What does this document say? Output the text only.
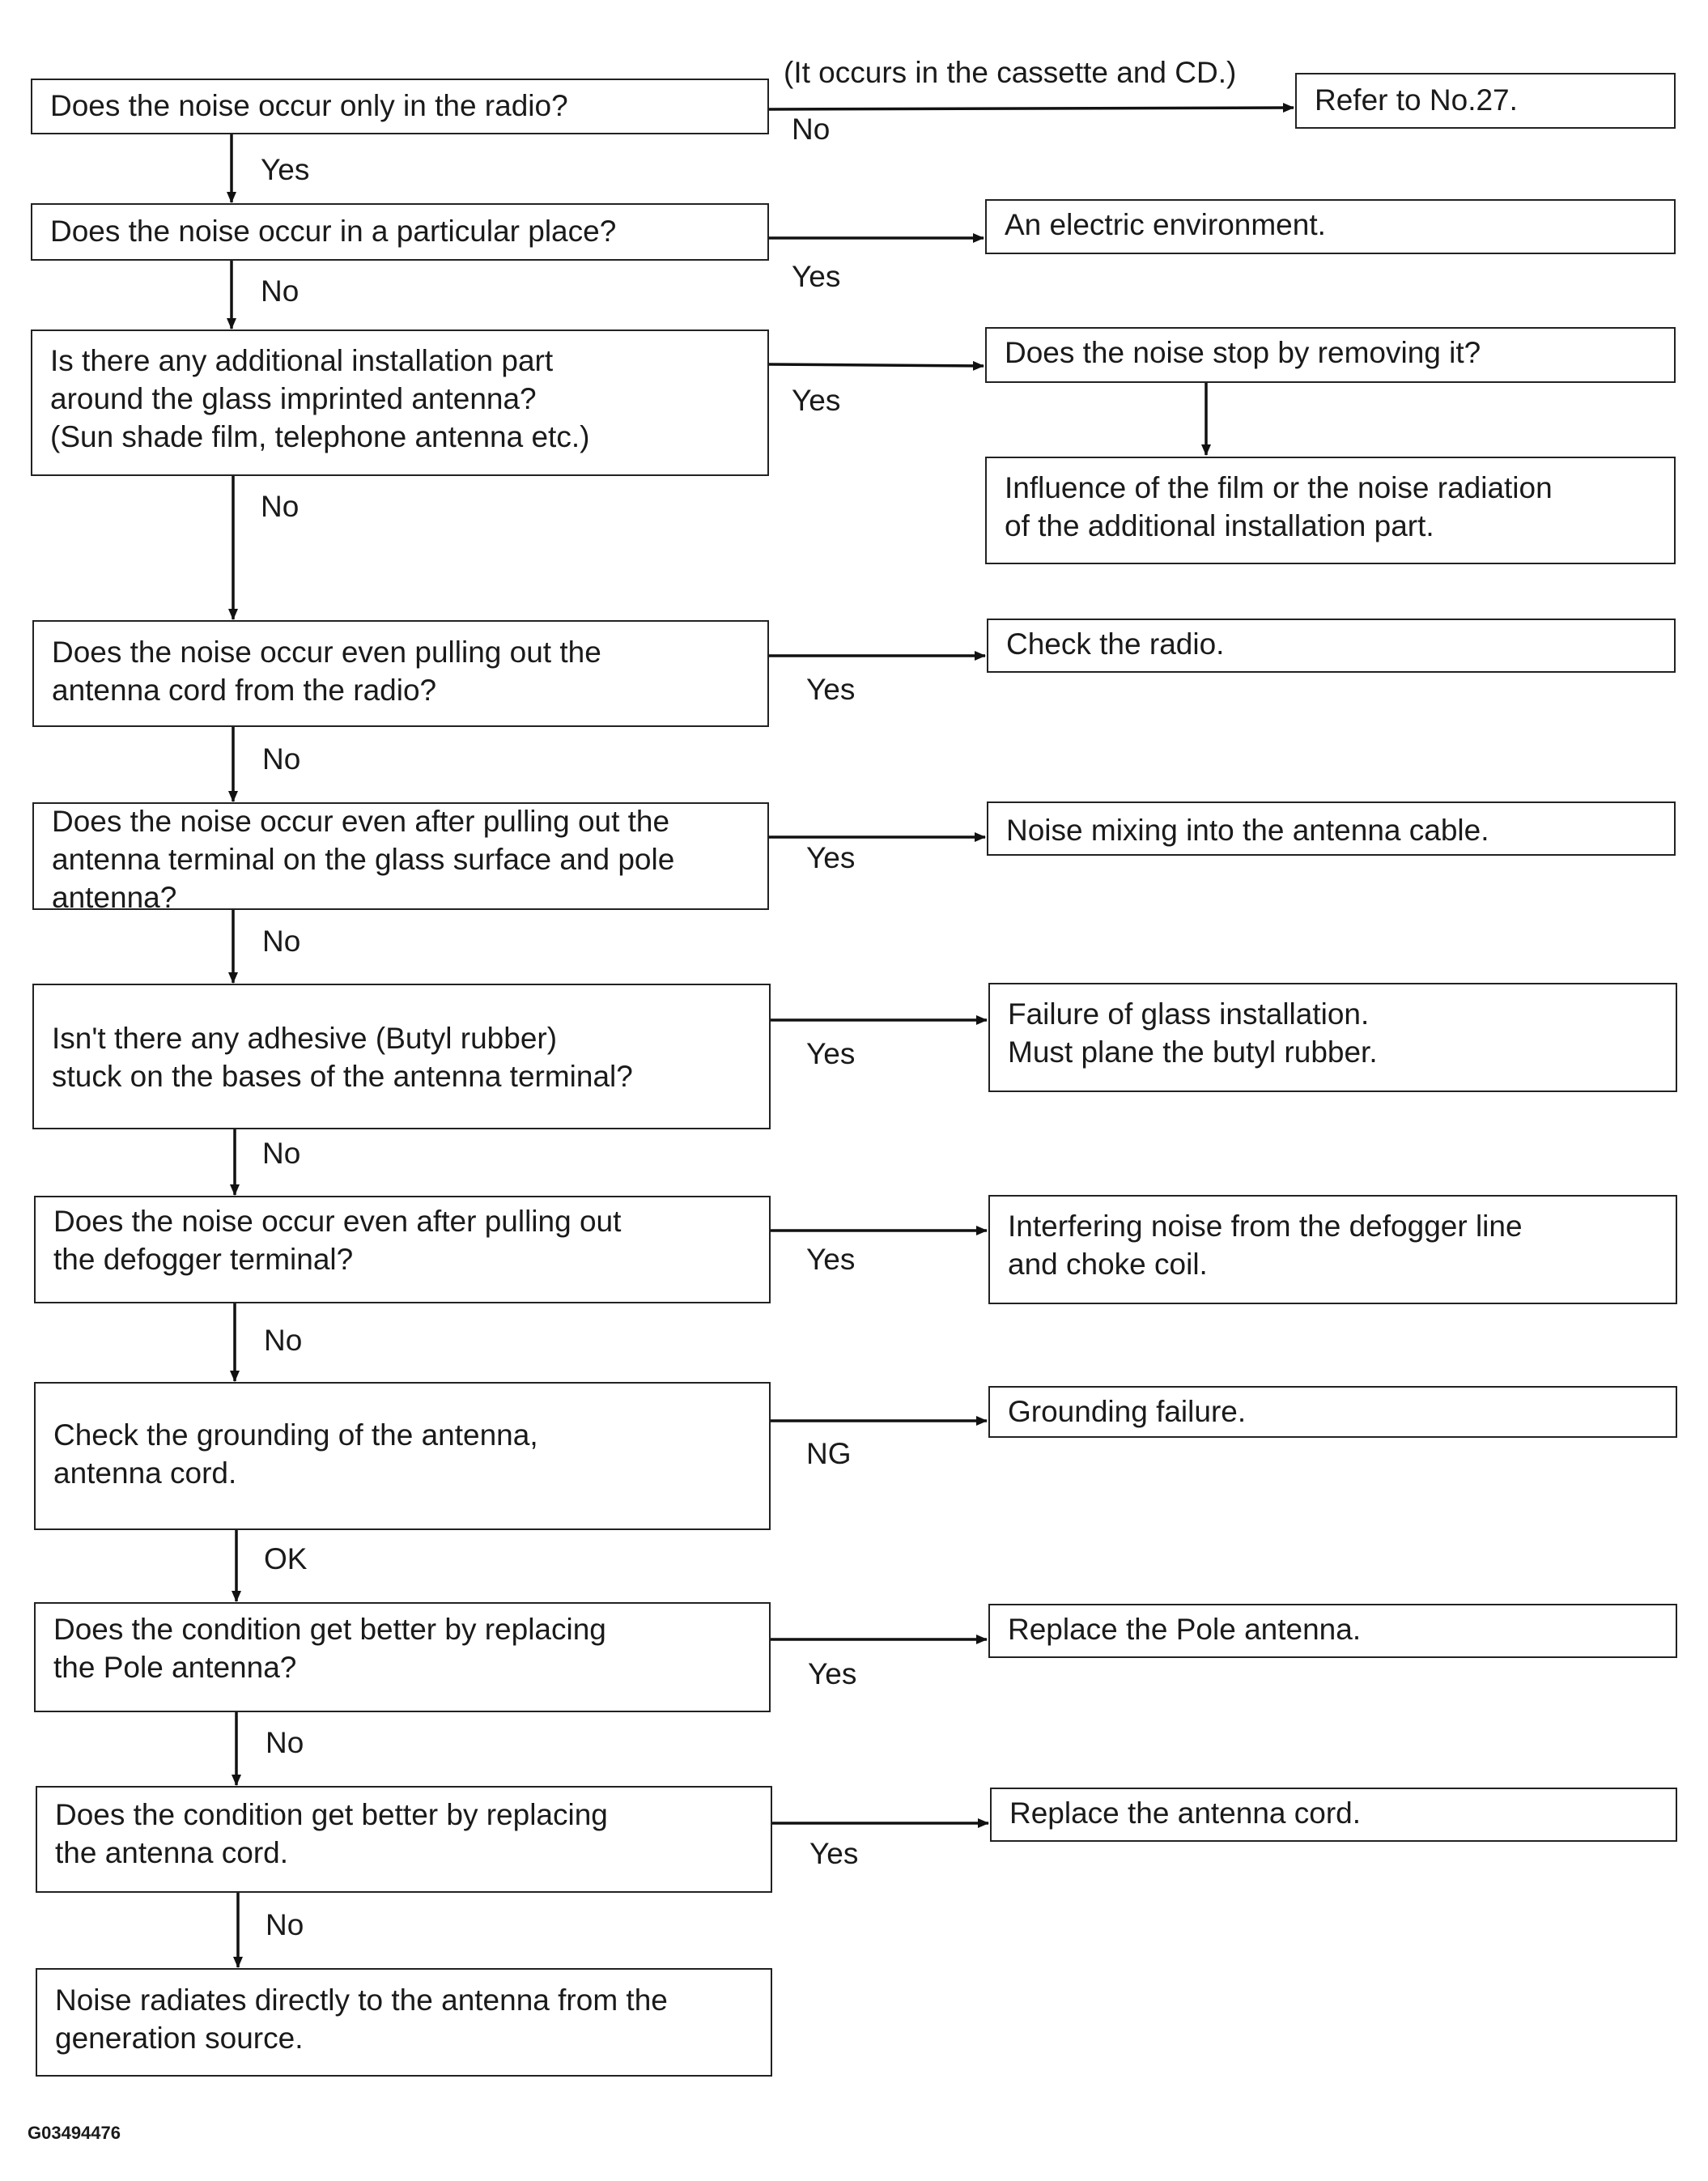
Does the noise occur only in the radio?
Does the noise occur in a particular place?
Is there any additional installation part
around the glass imprinted antenna?
(Sun shade film, telephone antenna etc.)
Does the noise occur even pulling out the
antenna cord from the radio?
Does the noise occur even after pulling out the
antenna terminal on the glass surface and pole
antenna?
Isn't there any adhesive (Butyl rubber)
stuck on the bases of the antenna terminal?
Does the noise occur even after pulling out
the defogger terminal?
Check the grounding of the antenna,
antenna cord.
Does the condition get better by replacing
the Pole antenna?
Does the condition get better by replacing
the antenna cord.
Noise radiates directly to the antenna from the
generation source.
Refer to No.27.
An electric environment.
Does the noise stop by removing it?
Influence of the film or the noise radiation
of the additional installation part.
Check the radio.
Noise mixing into the antenna cable.
Failure of glass installation.
Must plane the butyl rubber.
Interfering noise from the defogger line
and choke coil.
Grounding failure.
Replace the Pole antenna.
Replace the antenna cord.
(It occurs in the cassette and CD.)
No
Yes
Yes
No
Yes
No
Yes
No
Yes
No
Yes
No
Yes
No
NG
OK
Yes
No
Yes
No
G03494476
